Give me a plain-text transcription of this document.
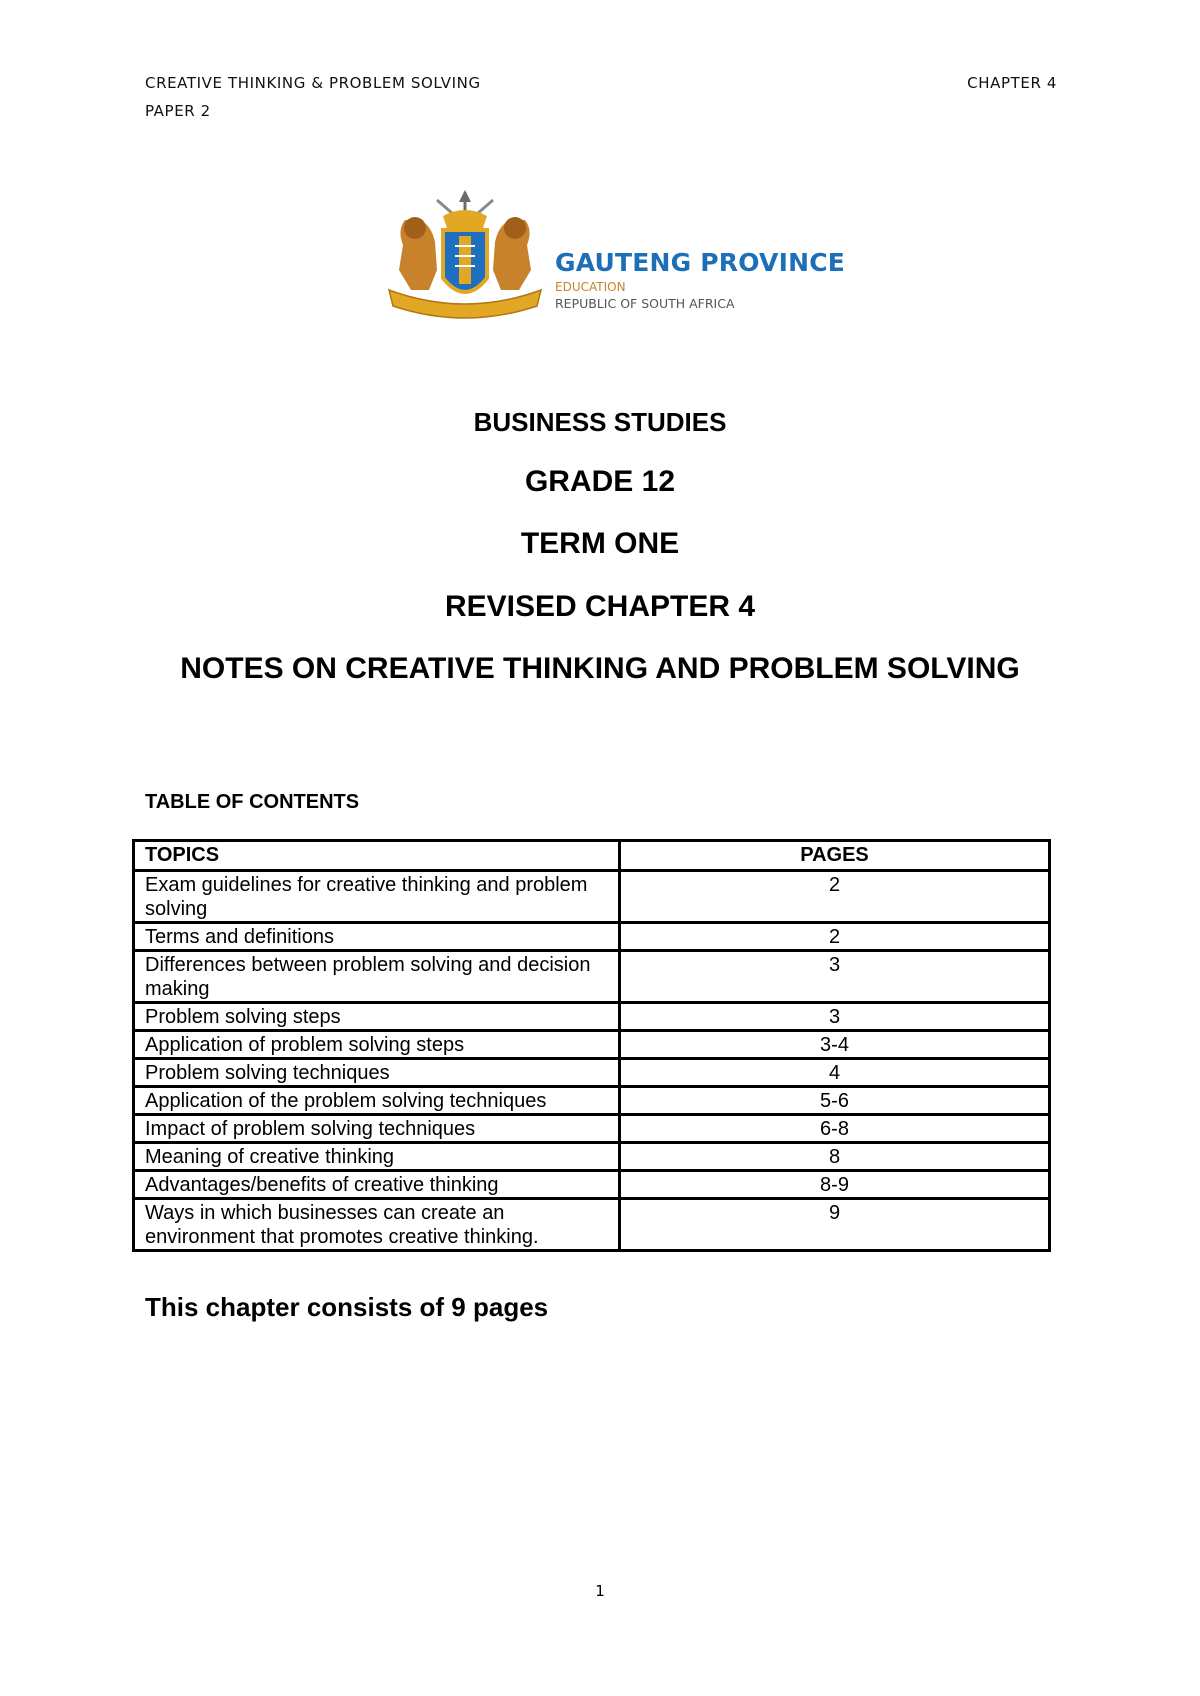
CREATIVE THINKING & PROBLEM SOLVING
PAPER 2
CHAPTER 4
GAUTENG PROVINCE
EDUCATION
REPUBLIC OF SOUTH AFRICA
BUSINESS STUDIES
GRADE 12
TERM ONE
REVISED CHAPTER 4
NOTES ON CREATIVE THINKING AND PROBLEM SOLVING
TABLE OF CONTENTS
TOPICS	PAGES
Exam guidelines for creative thinking and problem solving	2
Terms and definitions	2
Differences between problem solving and decision making	3
Problem solving steps	3
Application of problem solving steps	3-4
Problem solving techniques	4
Application of the problem solving techniques	5-6
Impact of problem solving techniques	6-8
Meaning of creative thinking	8
Advantages/benefits of creative thinking	8-9
Ways in which businesses can create an environment that promotes creative thinking.	9
This chapter consists of 9 pages
1
